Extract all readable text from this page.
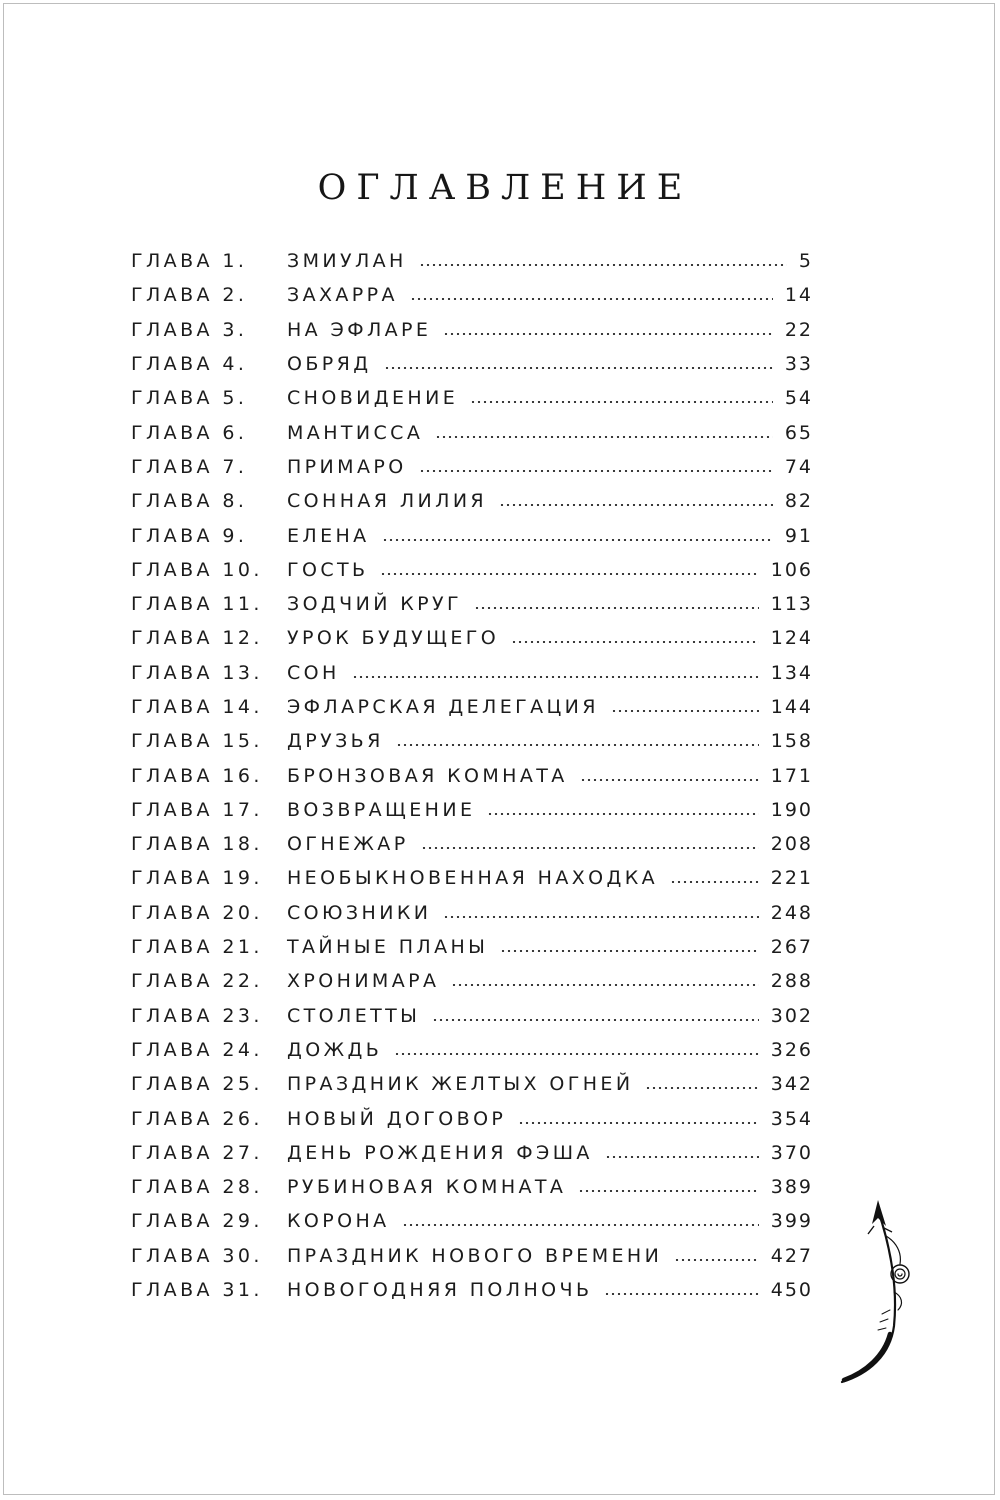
ОГЛАВЛЕНИЕ
ГЛАВА 1.	ЗМИУЛАН	5
ГЛАВА 2.	ЗАХАРРА	14
ГЛАВА 3.	НА ЭФЛАРЕ	22
ГЛАВА 4.	ОБРЯД	33
ГЛАВА 5.	СНОВИДЕНИЕ	54
ГЛАВА 6.	МАНТИССА	65
ГЛАВА 7.	ПРИМАРО	74
ГЛАВА 8.	СОННАЯ ЛИЛИЯ	82
ГЛАВА 9.	ЕЛЕНА	91
ГЛАВА 10.	ГОСТЬ	106
ГЛАВА 11.	ЗОДЧИЙ КРУГ	113
ГЛАВА 12.	УРОК БУДУЩЕГО	124
ГЛАВА 13.	СОН	134
ГЛАВА 14.	ЭФЛАРСКАЯ ДЕЛЕГАЦИЯ	144
ГЛАВА 15.	ДРУЗЬЯ	158
ГЛАВА 16.	БРОНЗОВАЯ КОМНАТА	171
ГЛАВА 17.	ВОЗВРАЩЕНИЕ	190
ГЛАВА 18.	ОГНЕЖАР	208
ГЛАВА 19.	НЕОБЫКНОВЕННАЯ НАХОДКА	221
ГЛАВА 20.	СОЮЗНИКИ	248
ГЛАВА 21.	ТАЙНЫЕ ПЛАНЫ	267
ГЛАВА 22.	ХРОНИМАРА	288
ГЛАВА 23.	СТОЛЕТТЫ	302
ГЛАВА 24.	ДОЖДЬ	326
ГЛАВА 25.	ПРАЗДНИК ЖЕЛТЫХ ОГНЕЙ	342
ГЛАВА 26.	НОВЫЙ ДОГОВОР	354
ГЛАВА 27.	ДЕНЬ РОЖДЕНИЯ ФЭША	370
ГЛАВА 28.	РУБИНОВАЯ КОМНАТА	389
ГЛАВА 29.	КОРОНА	399
ГЛАВА 30.	ПРАЗДНИК НОВОГО ВРЕМЕНИ	427
ГЛАВА 31.	НОВОГОДНЯЯ ПОЛНОЧЬ	450
